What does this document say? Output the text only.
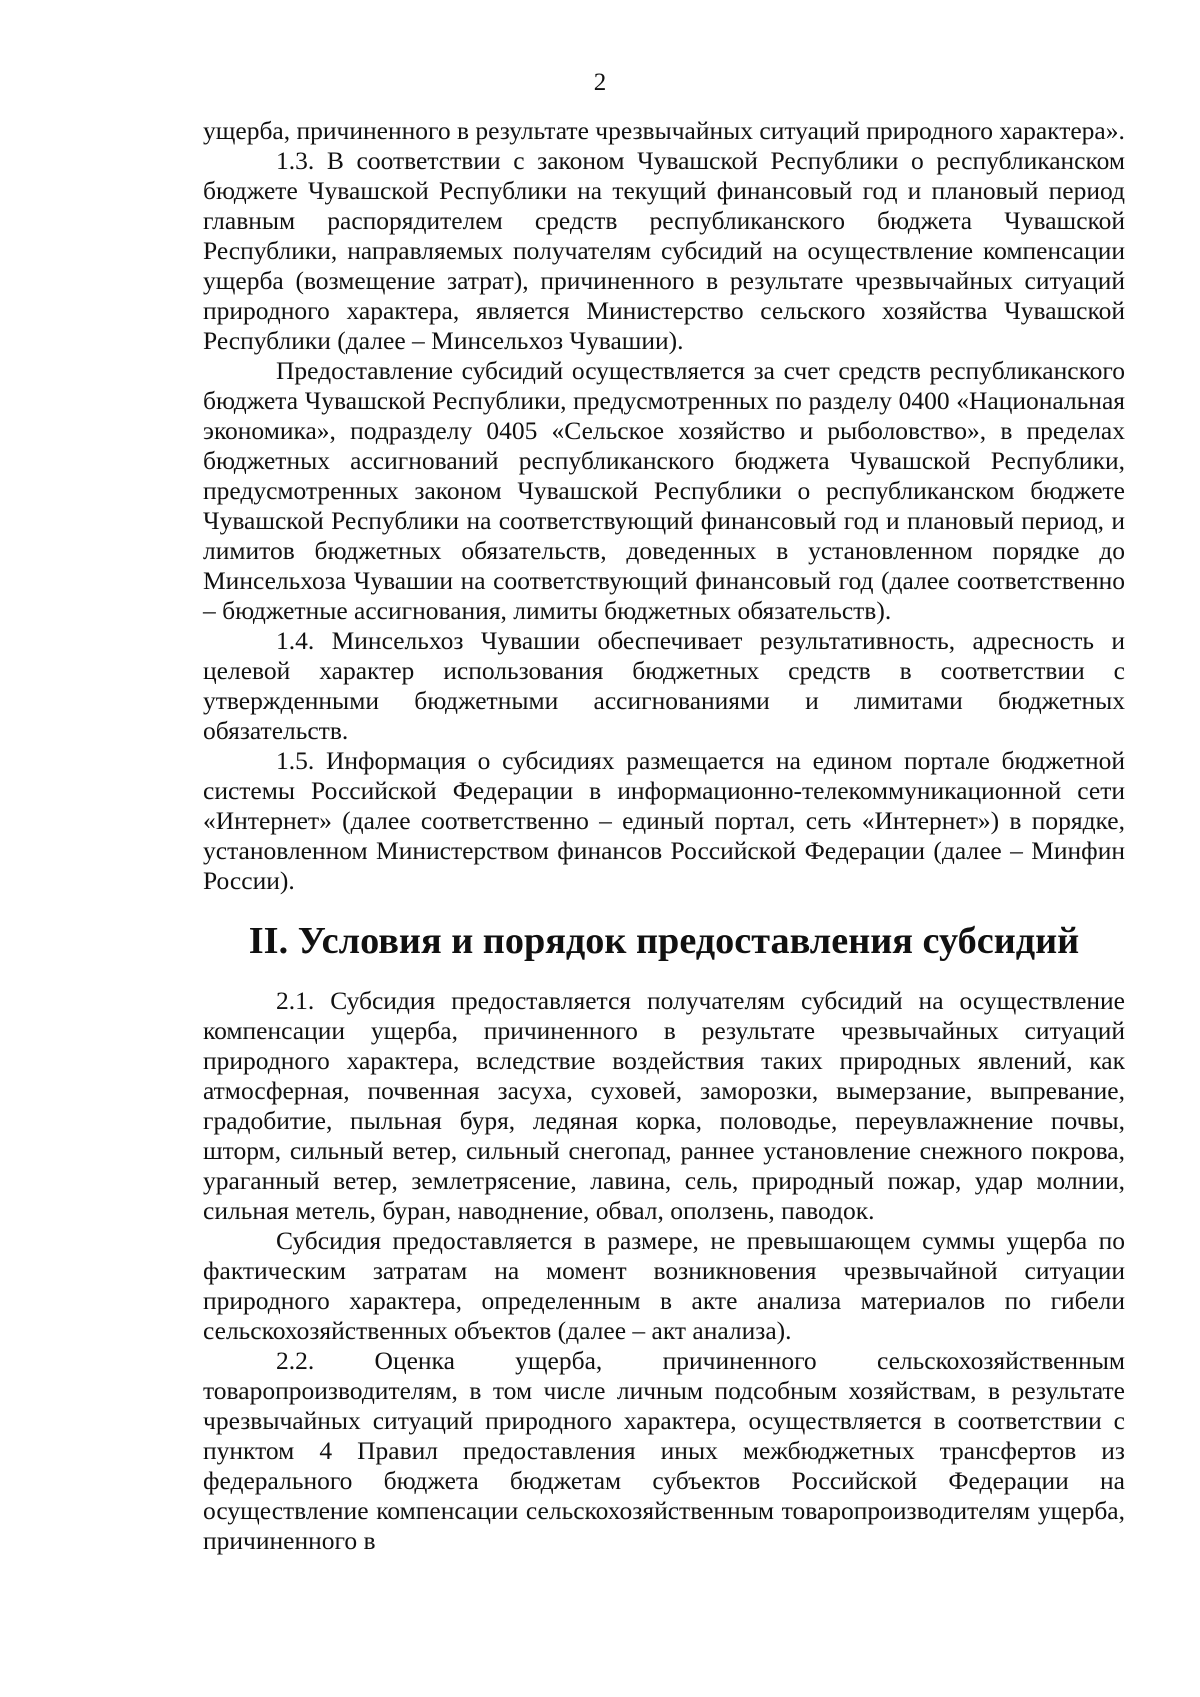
2

ущерба, причиненного в результате чрезвычайных ситуаций природного характера».

1.3. В соответствии с законом Чувашской Республики о республиканском бюджете Чувашской Республики на текущий финансовый год и плановый период главным распорядителем средств республиканского бюджета Чувашской Республики, направляемых получателям субсидий на осуществление компенсации ущерба (возмещение затрат), причиненного в результате чрезвычайных ситуаций природного характера, является Министерство сельского хозяйства Чувашской Республики (далее – Минсельхоз Чувашии).

Предоставление субсидий осуществляется за счет средств республиканского бюджета Чувашской Республики, предусмотренных по разделу 0400 «Национальная экономика», подразделу 0405 «Сельское хозяйство и рыболовство», в пределах бюджетных ассигнований республиканского бюджета Чувашской Республики, предусмотренных законом Чувашской Республики о республиканском бюджете Чувашской Республики на соответствующий финансовый год и плановый период, и лимитов бюджетных обязательств, доведенных в установленном порядке до Минсельхоза Чувашии на соответствующий финансовый год (далее соответственно – бюджетные ассигнования, лимиты бюджетных обязательств).

1.4. Минсельхоз Чувашии обеспечивает результативность, адресность и целевой характер использования бюджетных средств в соответствии с утвержденными бюджетными ассигнованиями и лимитами бюджетных обязательств.

1.5. Информация о субсидиях размещается на едином портале бюджетной системы Российской Федерации в информационно-телекоммуникационной сети «Интернет» (далее соответственно – единый портал, сеть «Интернет») в порядке, установленном Министерством финансов Российской Федерации (далее – Минфин России).

II. Условия и порядок предоставления субсидий

2.1. Субсидия предоставляется получателям субсидий на осуществление компенсации ущерба, причиненного в результате чрезвычайных ситуаций природного характера, вследствие воздействия таких природных явлений, как атмосферная, почвенная засуха, суховей, заморозки, вымерзание, выпревание, градобитие, пыльная буря, ледяная корка, половодье, переувлажнение почвы, шторм, сильный ветер, сильный снегопад, раннее установление снежного покрова, ураганный ветер, землетрясение, лавина, сель, природный пожар, удар молнии, сильная метель, буран, наводнение, обвал, оползень, паводок.

Субсидия предоставляется в размере, не превышающем суммы ущерба по фактическим затратам на момент возникновения чрезвычайной ситуации природного характера, определенным в акте анализа материалов по гибели сельскохозяйственных объектов (далее – акт анализа).

2.2. Оценка ущерба, причиненного сельскохозяйственным товаропроизводителям, в том числе личным подсобным хозяйствам, в результате чрезвычайных ситуаций природного характера, осуществляется в соответствии с пунктом 4 Правил предоставления иных межбюджетных трансфертов из федерального бюджета бюджетам субъектов Российской Федерации на осуществление компенсации сельскохозяйственным товаропроизводителям ущерба, причиненного в
